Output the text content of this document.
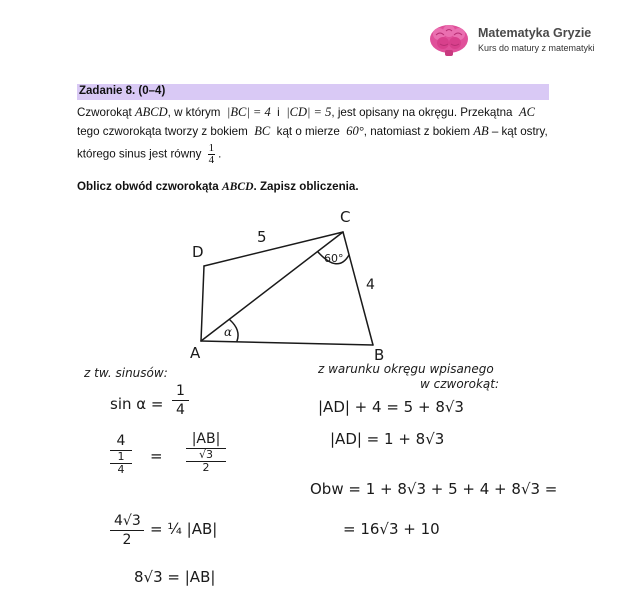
Matematyka Gryzie
Kurs do matury z matematyki
Zadanie 8. (0–4)
Czworokąt ABCD, w którym |BC| = 4 i |CD| = 5, jest opisany na okręgu. Przekątna AC
tego czworokąta tworzy z bokiem BC kąt o mierze 60°, natomiast z bokiem AB – kąt ostry,
którego sinus jest równy $\frac{1}{4}$ .
Oblicz obwód czworokąta ABCD. Zapisz obliczenia.
D
C
A	B
5
4
60°
α
z tw. sinusów:
sin α =
1
4
4
1
4
=
|AB|
√3
2
4√3
2
= ¼ |AB|
8√3 = |AB|
z warunku okręgu wpisanego
w czworokąt:
|AD| + 4 = 5 + 8√3
|AD| = 1 + 8√3
Obw = 1 + 8√3 + 5 + 4 + 8√3 =
= 16√3 + 10
